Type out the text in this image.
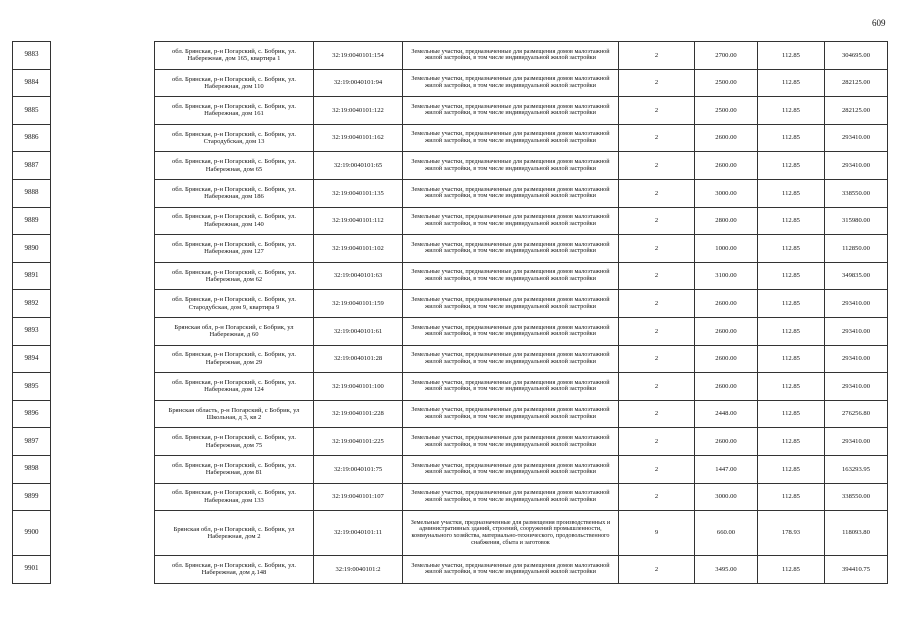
609
9883		обл. Брянская, р-н Погарский, с. Бобрик, ул. Набережная, дом 165, квартира 1	32:19:0040101:154	Земельные участки, предназначенные для размещения домов малоэтажной жилой застройки, в том числе индивидуальной жилой застройки	2	2700.00	112.85	304695.00
9884		обл. Брянская, р-н Погарский, с. Бобрик, ул. Набережная, дом 110	32:19:0040101:94	Земельные участки, предназначенные для размещения домов малоэтажной жилой застройки, в том числе индивидуальной жилой застройки	2	2500.00	112.85	282125.00
9885		обл. Брянская, р-н Погарский, с. Бобрик, ул. Набережная, дом 161	32:19:0040101:122	Земельные участки, предназначенные для размещения домов малоэтажной жилой застройки, в том числе индивидуальной жилой застройки	2	2500.00	112.85	282125.00
9886		обл. Брянская, р-н Погарский, с. Бобрик, ул. Стародубская, дом 13	32:19:0040101:162	Земельные участки, предназначенные для размещения домов малоэтажной жилой застройки, в том числе индивидуальной жилой застройки	2	2600.00	112.85	293410.00
9887		обл. Брянская, р-н Погарский, с. Бобрик, ул. Набережная, дом 65	32:19:0040101:65	Земельные участки, предназначенные для размещения домов малоэтажной жилой застройки, в том числе индивидуальной жилой застройки	2	2600.00	112.85	293410.00
9888		обл. Брянская, р-н Погарский, с. Бобрик, ул. Набережная, дом 186	32:19:0040101:135	Земельные участки, предназначенные для размещения домов малоэтажной жилой застройки, в том числе индивидуальной жилой застройки	2	3000.00	112.85	338550.00
9889		обл. Брянская, р-н Погарский, с. Бобрик, ул. Набережная, дом 140	32:19:0040101:112	Земельные участки, предназначенные для размещения домов малоэтажной жилой застройки, в том числе индивидуальной жилой застройки	2	2800.00	112.85	315980.00
9890		обл. Брянская, р-н Погарский, с. Бобрик, ул. Набережная, дом 127	32:19:0040101:102	Земельные участки, предназначенные для размещения домов малоэтажной жилой застройки, в том числе индивидуальной жилой застройки	2	1000.00	112.85	112850.00
9891		обл. Брянская, р-н Погарский, с. Бобрик, ул. Набережная, дом 62	32:19:0040101:63	Земельные участки, предназначенные для размещения домов малоэтажной жилой застройки, в том числе индивидуальной жилой застройки	2	3100.00	112.85	349835.00
9892		обл. Брянская, р-н Погарский, с. Бобрик, ул. Стародубская, дом 9, квартира 9	32:19:0040101:159	Земельные участки, предназначенные для размещения домов малоэтажной жилой застройки, в том числе индивидуальной жилой застройки	2	2600.00	112.85	293410.00
9893		Брянская обл, р-н Погарский, с Бобрик, ул Набережная, д 60	32:19:0040101:61	Земельные участки, предназначенные для размещения домов малоэтажной жилой застройки, в том числе индивидуальной жилой застройки	2	2600.00	112.85	293410.00
9894		обл. Брянская, р-н Погарский, с. Бобрик, ул. Набережная, дом 29	32:19:0040101:28	Земельные участки, предназначенные для размещения домов малоэтажной жилой застройки, в том числе индивидуальной жилой застройки	2	2600.00	112.85	293410.00
9895		обл. Брянская, р-н Погарский, с. Бобрик, ул. Набережная, дом 124	32:19:0040101:100	Земельные участки, предназначенные для размещения домов малоэтажной жилой застройки, в том числе индивидуальной жилой застройки	2	2600.00	112.85	293410.00
9896		Брянская область, р-н Погарский, с Бобрик, ул Школьная, д 3, кв 2	32:19:0040101:228	Земельные участки, предназначенные для размещения домов малоэтажной жилой застройки, в том числе индивидуальной жилой застройки	2	2448.00	112.85	276256.80
9897		обл. Брянская, р-н Погарский, с. Бобрик, ул. Набережная, дом 75	32:19:0040101:225	Земельные участки, предназначенные для размещения домов малоэтажной жилой застройки, в том числе индивидуальной жилой застройки	2	2600.00	112.85	293410.00
9898		обл. Брянская, р-н Погарский, с. Бобрик, ул. Набережная, дом 81	32:19:0040101:75	Земельные участки, предназначенные для размещения домов малоэтажной жилой застройки, в том числе индивидуальной жилой застройки	2	1447.00	112.85	163293.95
9899		обл. Брянская, р-н Погарский, с. Бобрик, ул. Набережная, дом 133	32:19:0040101:107	Земельные участки, предназначенные для размещения домов малоэтажной жилой застройки, в том числе индивидуальной жилой застройки	2	3000.00	112.85	338550.00
9900		Брянская обл, р-н Погарский, с. Бобрик, ул Набережная, дом 2	32:19:0040101:11	Земельные участки, предназначенные для размещения производственных и административных зданий, строений, сооружений промышленности, коммунального хозяйства, материально-технического, продовольственного снабжения, сбыта и заготовок	9	660.00	178.93	118093.80
9901		обл. Брянская, р-н Погарский, с. Бобрик, ул. Набережная, дом д.148	32:19:0040101:2	Земельные участки, предназначенные для размещения домов малоэтажной жилой застройки, в том числе индивидуальной жилой застройки	2	3495.00	112.85	394410.75
